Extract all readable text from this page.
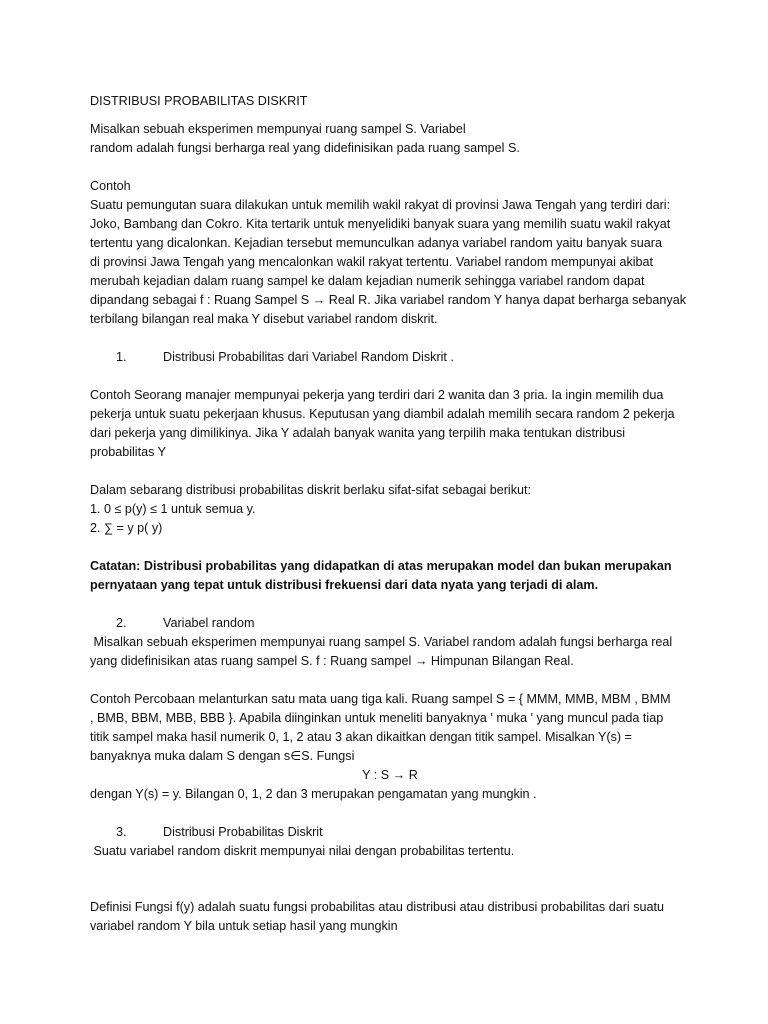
DISTRIBUSI PROBABILITAS DISKRIT

Misalkan sebuah eksperimen mempunyai ruang sampel S. Variabel

random adalah fungsi berharga real yang didefinisikan pada ruang sampel S.

Contoh

Suatu pemungutan suara dilakukan untuk memilih wakil rakyat di provinsi Jawa Tengah yang terdiri dari:

Joko, Bambang dan Cokro. Kita tertarik untuk menyelidiki banyak suara yang memilih suatu wakil rakyat

tertentu yang dicalonkan. Kejadian tersebut memunculkan adanya variabel random yaitu banyak suara

di provinsi Jawa Tengah yang mencalonkan wakil rakyat tertentu. Variabel random mempunyai akibat

merubah kejadian dalam ruang sampel ke dalam kejadian numerik sehingga variabel random dapat

dipandang sebagai f : Ruang Sampel S → Real R. Jika variabel random Y hanya dapat berharga sebanyak

terbilang bilangan real maka Y disebut variabel random diskrit.

1.	Distribusi Probabilitas dari Variabel Random Diskrit .

Contoh Seorang manajer mempunyai pekerja yang terdiri dari 2 wanita dan 3 pria. Ia ingin memilih dua

pekerja untuk suatu pekerjaan khusus. Keputusan yang diambil adalah memilih secara random 2 pekerja

dari pekerja yang dimilikinya. Jika Y adalah banyak wanita yang terpilih maka tentukan distribusi

probabilitas Y

Dalam sebarang distribusi probabilitas diskrit berlaku sifat-sifat sebagai berikut:

1. 0 ≤ p(y) ≤ 1 untuk semua y.

2. ∑ = y p( y)

Catatan: Distribusi probabilitas yang didapatkan di atas merupakan model dan bukan merupakan

pernyataan yang tepat untuk distribusi frekuensi dari data nyata yang terjadi di alam.

2.	Variabel random

Misalkan sebuah eksperimen mempunyai ruang sampel S. Variabel random adalah fungsi berharga real

yang didefinisikan atas ruang sampel S. f : Ruang sampel → Himpunan Bilangan Real.

Contoh Percobaan melanturkan satu mata uang tiga kali. Ruang sampel S = { MMM, MMB, MBM , BMM

, BMB, BBM, MBB, BBB }. Apabila diinginkan untuk meneliti banyaknya ' muka ' yang muncul pada tiap

titik sampel maka hasil numerik 0, 1, 2 atau 3 akan dikaitkan dengan titik sampel. Misalkan Y(s) =

banyaknya muka dalam S dengan s∈S. Fungsi

Y : S → R

dengan Y(s) = y. Bilangan 0, 1, 2 dan 3 merupakan pengamatan yang mungkin .

3.	Distribusi Probabilitas Diskrit

Suatu variabel random diskrit mempunyai nilai dengan probabilitas tertentu.

Definisi Fungsi f(y) adalah suatu fungsi probabilitas atau distribusi atau distribusi probabilitas dari suatu

variabel random Y bila untuk setiap hasil yang mungkin
